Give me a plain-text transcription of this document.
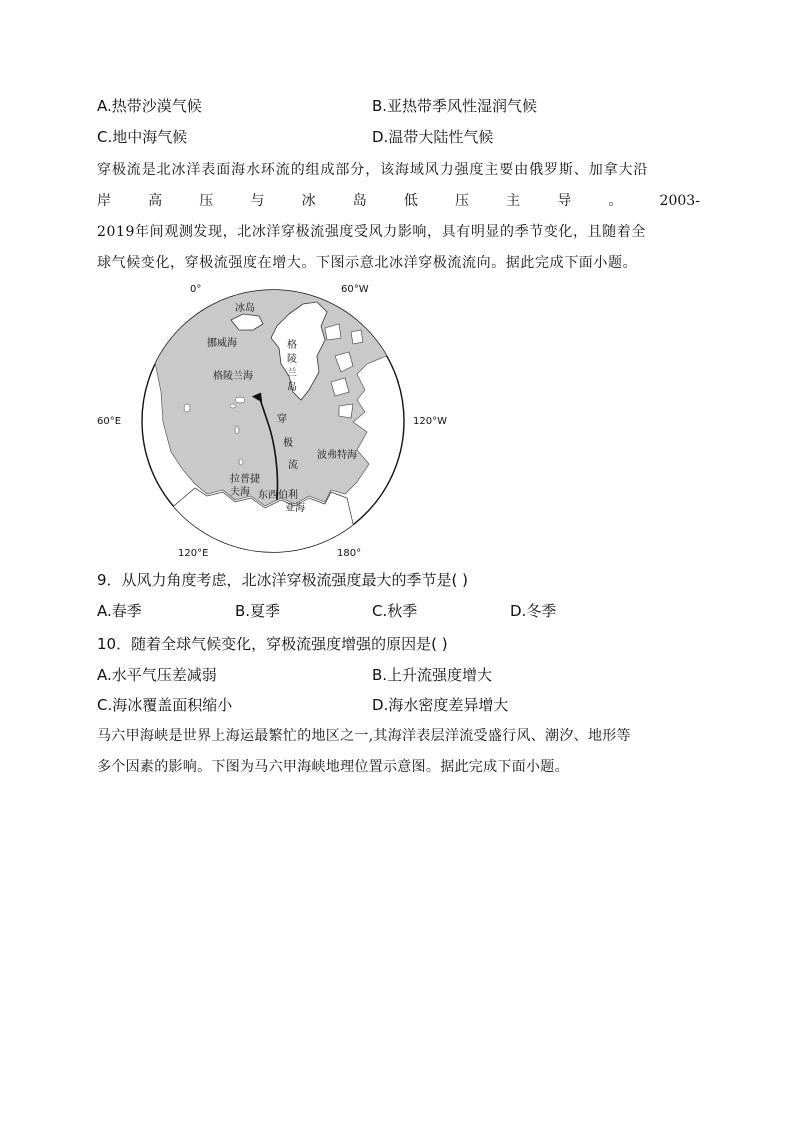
A.热带沙漠气候	B.亚热带季风性湿润气候
C.地中海气候	D.温带大陆性气候
穿极流是北冰洋表面海水环流的组成部分，该海域风力强度主要由俄罗斯、加拿大沿
岸	高	压	与	冰	岛	低	压	主	导	。	2003-
2019年间观测发现，北冰洋穿极流强度受风力影响，具有明显的季节变化，且随着全
球气候变化，穿极流强度在增大。下图示意北冰洋穿极流流向。据此完成下面小题。
0°	60°W
60°E	120°W
120°E	180°
冰岛
挪威海
格陵兰海
格
陵
兰
岛
穿
极
流
波弗特海
拉普捷
夫海 东西伯利
亚海
9．从风力角度考虑，北冰洋穿极流强度最大的季节是( )
A.春季	B.夏季	C.秋季	D.冬季
10．随着全球气候变化，穿极流强度增强的原因是( )
A.水平气压差减弱	B.上升流强度增大
C.海冰覆盖面积缩小	D.海水密度差异增大
马六甲海峡是世界上海运最繁忙的地区之一,其海洋表层洋流受盛行风、潮汐、地形等
多个因素的影响。下图为马六甲海峡地理位置示意图。据此完成下面小题。
